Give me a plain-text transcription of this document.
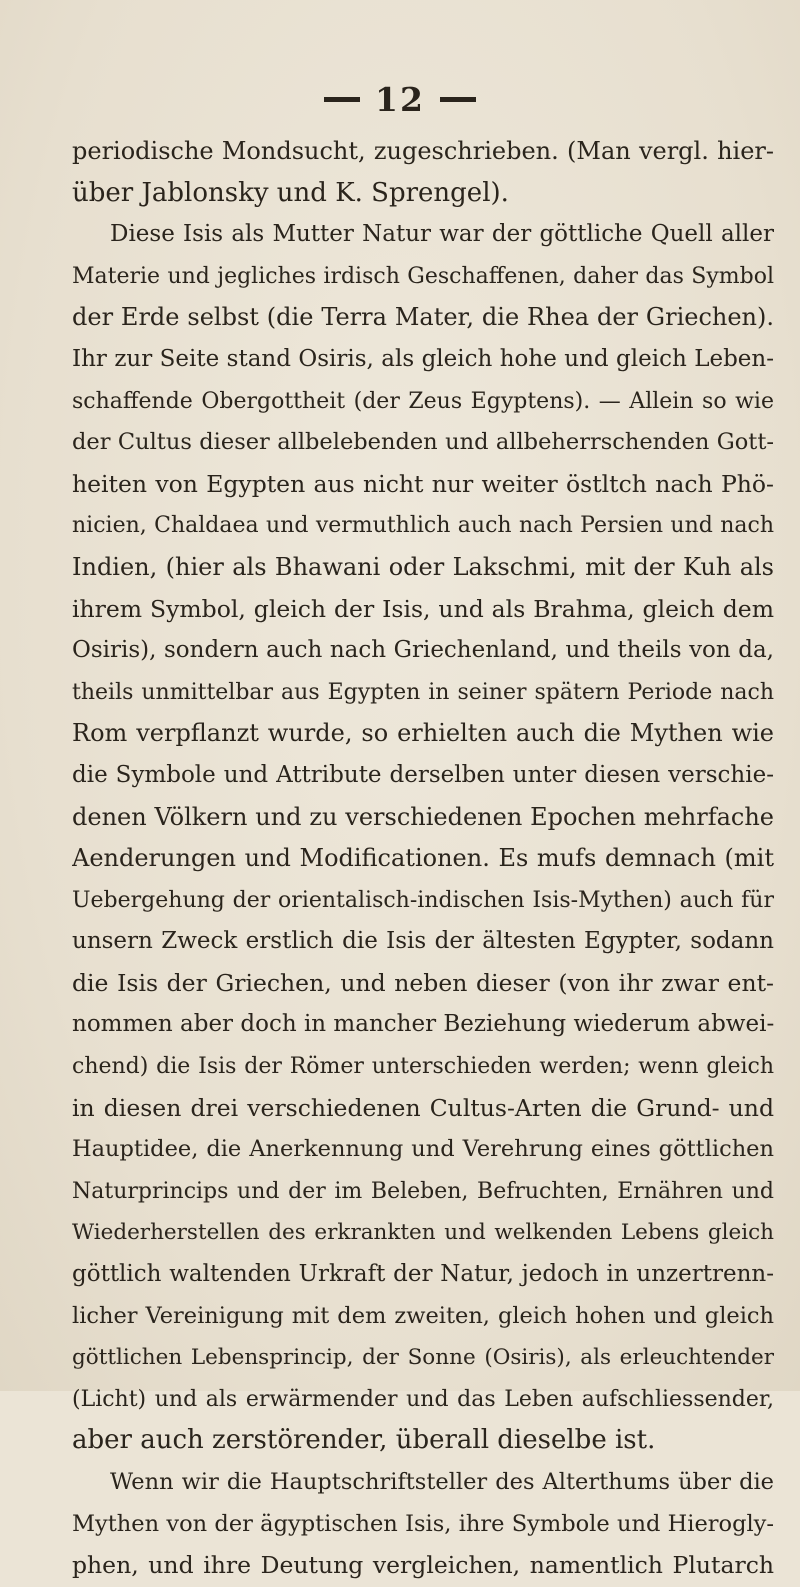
12
periodische Mondsucht, zugeschrieben. (Man vergl. hier-
über Jablonsky und K. Sprengel).
Diese Isis als Mutter Natur war der göttliche Quell aller
Materie und jegliches irdisch Geschaffenen, daher das Symbol
der Erde selbst (die Terra Mater, die Rhea der Griechen).
Ihr zur Seite stand Osiris, als gleich hohe und gleich Leben-
schaffende Obergottheit (der Zeus Egyptens). — Allein so wie
der Cultus dieser allbelebenden und allbeherrschenden Gott-
heiten von Egypten aus nicht nur weiter östltch nach Phö-
nicien, Chaldaea und vermuthlich auch nach Persien und nach
Indien, (hier als Bhawani oder Lakschmi, mit der Kuh als
ihrem Symbol, gleich der Isis, und als Brahma, gleich dem
Osiris), sondern auch nach Griechenland, und theils von da,
theils unmittelbar aus Egypten in seiner spätern Periode nach
Rom verpflanzt wurde, so erhielten auch die Mythen wie
die Symbole und Attribute derselben unter diesen verschie-
denen Völkern und zu verschiedenen Epochen mehrfache
Aenderungen und Modificationen. Es mufs demnach (mit
Uebergehung der orientalisch-indischen Isis-Mythen) auch für
unsern Zweck erstlich die Isis der ältesten Egypter, sodann
die Isis der Griechen, und neben dieser (von ihr zwar ent-
nommen aber doch in mancher Beziehung wiederum abwei-
chend) die Isis der Römer unterschieden werden; wenn gleich
in diesen drei verschiedenen Cultus-Arten die Grund- und
Hauptidee, die Anerkennung und Verehrung eines göttlichen
Naturprincips und der im Beleben, Befruchten, Ernähren und
Wiederherstellen des erkrankten und welkenden Lebens gleich
göttlich waltenden Urkraft der Natur, jedoch in unzertrenn-
licher Vereinigung mit dem zweiten, gleich hohen und gleich
göttlichen Lebensprincip, der Sonne (Osiris), als erleuchtender
(Licht) und als erwärmender und das Leben aufschliessender,
aber auch zerstörender, überall dieselbe ist.
Wenn wir die Hauptschriftsteller des Alterthums über die
Mythen von der ägyptischen Isis, ihre Symbole und Hierogly-
phen, und ihre Deutung vergleichen, namentlich Plutarch
